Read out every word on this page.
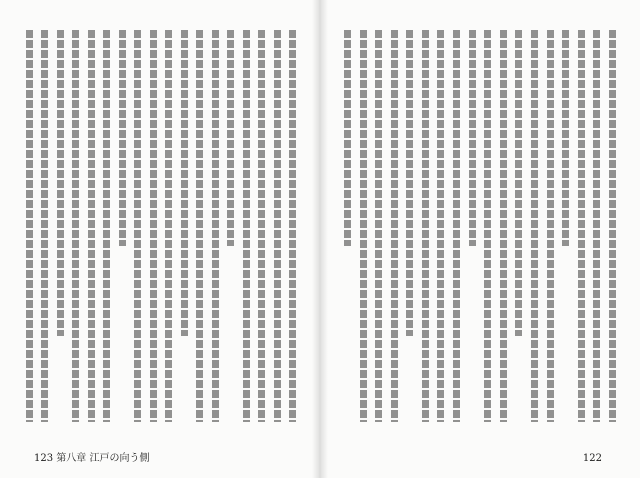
123 第八章 江戸の向う側	122
